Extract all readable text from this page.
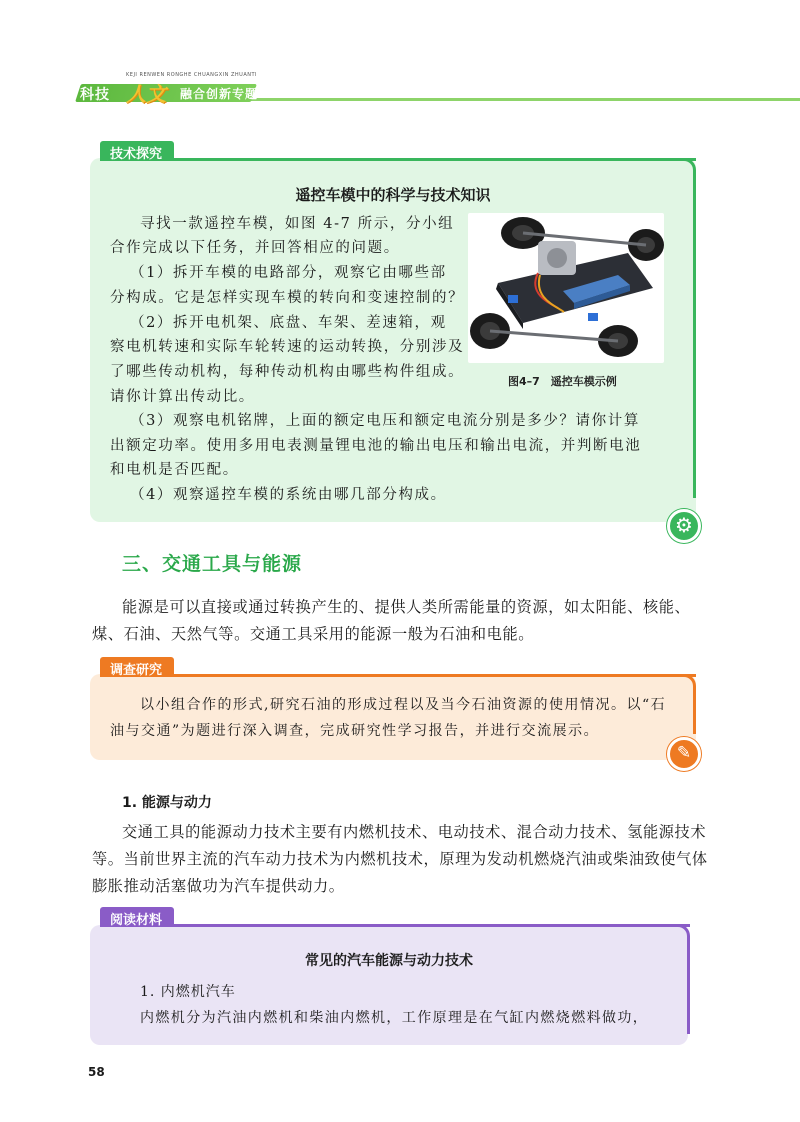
KEJI RENWEN RONGHE CHUANGXIN ZHUANTI
科技 人文 融合创新专题
技术探究
遥控车模中的科学与技术知识
寻找一款遥控车模，如图 4-7 所示，分小组
合作完成以下任务，并回答相应的问题。
（1）拆开车模的电路部分，观察它由哪些部
分构成。它是怎样实现车模的转向和变速控制的？
（2）拆开电机架、底盘、车架、差速箱，观
察电机转速和实际车轮转速的运动转换，分别涉及
了哪些传动机构，每种传动机构由哪些构件组成。
请你计算出传动比。
（3）观察电机铭牌，上面的额定电压和额定电流分别是多少？请你计算
出额定功率。使用多用电表测量锂电池的输出电压和输出电流，并判断电池
和电机是否匹配。
（4）观察遥控车模的系统由哪几部分构成。
图4–7　遥控车模示例
⚙
三、交通工具与能源
能源是可以直接或通过转换产生的、提供人类所需能量的资源，如太阳能、核能、
煤、石油、天然气等。交通工具采用的能源一般为石油和电能。
调查研究
以小组合作的形式,研究石油的形成过程以及当今石油资源的使用情况。以“石
油与交通”为题进行深入调查，完成研究性学习报告，并进行交流展示。
✎
1. 能源与动力
交通工具的能源动力技术主要有内燃机技术、电动技术、混合动力技术、氢能源技术
等。当前世界主流的汽车动力技术为内燃机技术，原理为发动机燃烧汽油或柴油致使气体
膨胀推动活塞做功为汽车提供动力。
阅读材料
常见的汽车能源与动力技术
1. 内燃机汽车
内燃机分为汽油内燃机和柴油内燃机，工作原理是在气缸内燃烧燃料做功，
58
